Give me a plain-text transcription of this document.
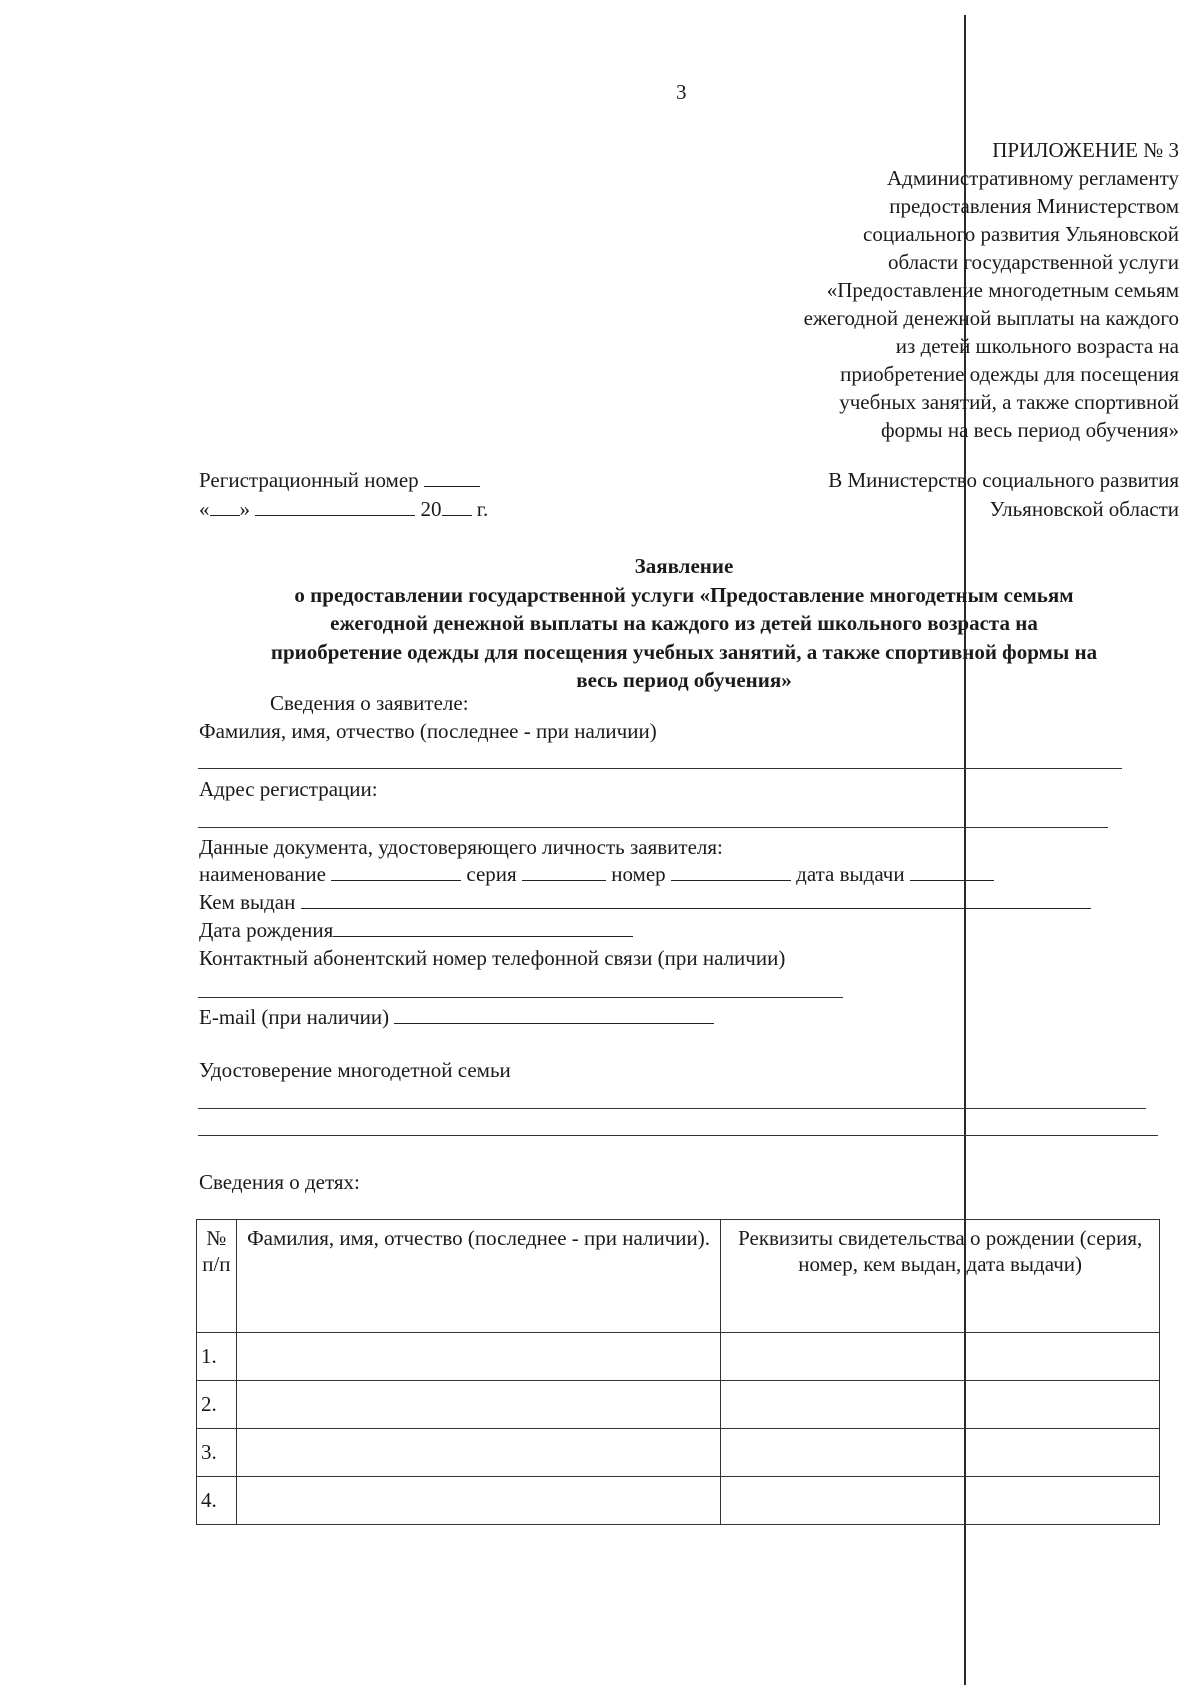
3
ПРИЛОЖЕНИЕ № 3
Административному регламенту
предоставления Министерством
социального развития Ульяновской
области государственной услуги
«Предоставление многодетным семьям
ежегодной денежной выплаты на каждого
из детей школьного возраста на
приобретение одежды для посещения
учебных занятий, а также спортивной
формы на весь период обучения»
Регистрационный номер
« »	20 г.
В Министерство социального развития
Ульяновской области
Заявление
о предоставлении государственной услуги «Предоставление многодетным семьям
ежегодной денежной выплаты на каждого из детей школьного возраста на
приобретение одежды для посещения учебных занятий, а также спортивной формы на
весь период обучения»
Сведения о заявителе:
Фамилия, имя, отчество (последнее - при наличии)
Адрес регистрации:
Данные документа, удостоверяющего личность заявителя:
наименование	серия	номер	дата выдачи
Кем выдан
Дата рождения
Контактный абонентский номер телефонной связи (при наличии)
E-mail (при наличии)
Удостоверение многодетной семьи
Сведения о детях:
№ п/п	Фамилия, имя, отчество (последнее - при наличии).	Реквизиты свидетельства о рождении (серия, номер, кем выдан, дата выдачи)
1.		
2.		
3.		
4.		
